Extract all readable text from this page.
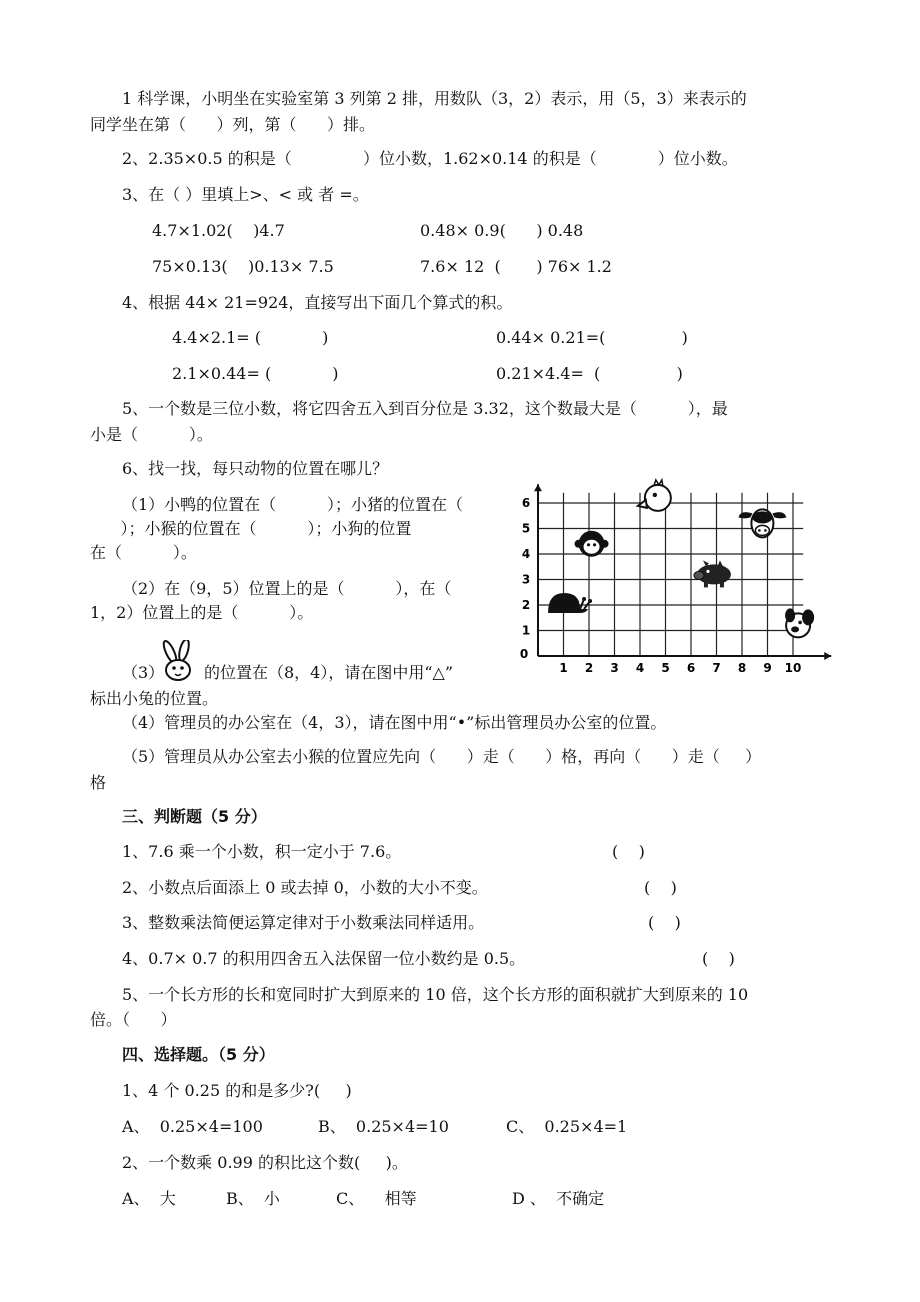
1 科学课，小明坐在实验室第 3 列第 2 排，用数队（3，2）表示，用（5，3）来表示的
同学坐在第（      ）列，第（      ）排。
2、2.35×0.5 的积是（              ）位小数，1.62×0.14 的积是（            ）位小数。
3、在（ ）里填上>、< 或 者 =。
4.7×1.02(    )4.7	0.48× 0.9(      ) 0.48
75×0.13(    )0.13× 7.5	7.6× 12  (       ) 76× 1.2
4、根据 44× 21=924，直接写出下面几个算式的积。
4.4×2.1= (            )	0.44× 0.21=(               )
2.1×0.44= (            )	0.21×4.4=  (               )
5、一个数是三位小数，将它四舍五入到百分位是 3.32，这个数最大是（          ），最
小是（          ）。
6、找一找，每只动物的位置在哪儿？
（1）小鸭的位置在（          ）；小猪的位置在（
）；小猴的位置在（          ）；小狗的位置
在（          ）。
（2）在（9，5）位置上的是（          ），在（
1，2）位置上的是（          ）。
（3） 的位置在（8，4），请在图中用“△”
标出小兔的位置。
（4）管理员的办公室在（4，3），请在图中用“•”标出管理员办公室的位置。
（5）管理员从办公室去小猴的位置应先向（      ）走（      ）格，再向（      ）走（     ）
格
0
1 2 3 4 5 6 7 8 9 10
1
2
3
4
5
6
三、判断题（5 分）
1、7.6 乘一个小数，积一定小于 7.6。	(    )
2、小数点后面添上 0 或去掉 0，小数的大小不变。	(    )
3、整数乘法简便运算定律对于小数乘法同样适用。	(    )
4、0.7× 0.7 的积用四舍五入法保留一位小数约是 0.5。	(    )
5、一个长方形的长和宽同时扩大到原来的 10 倍，这个长方形的面积就扩大到原来的 10
倍。（      ）
四、选择题。（5 分）
1、4 个 0.25 的和是多少?(     )
A、  0.25×4=100	B、  0.25×4=10	C、  0.25×4=1
2、一个数乘 0.99 的积比这个数(     )。
A、  大	B、  小	C、    相等	D 、  不确定
